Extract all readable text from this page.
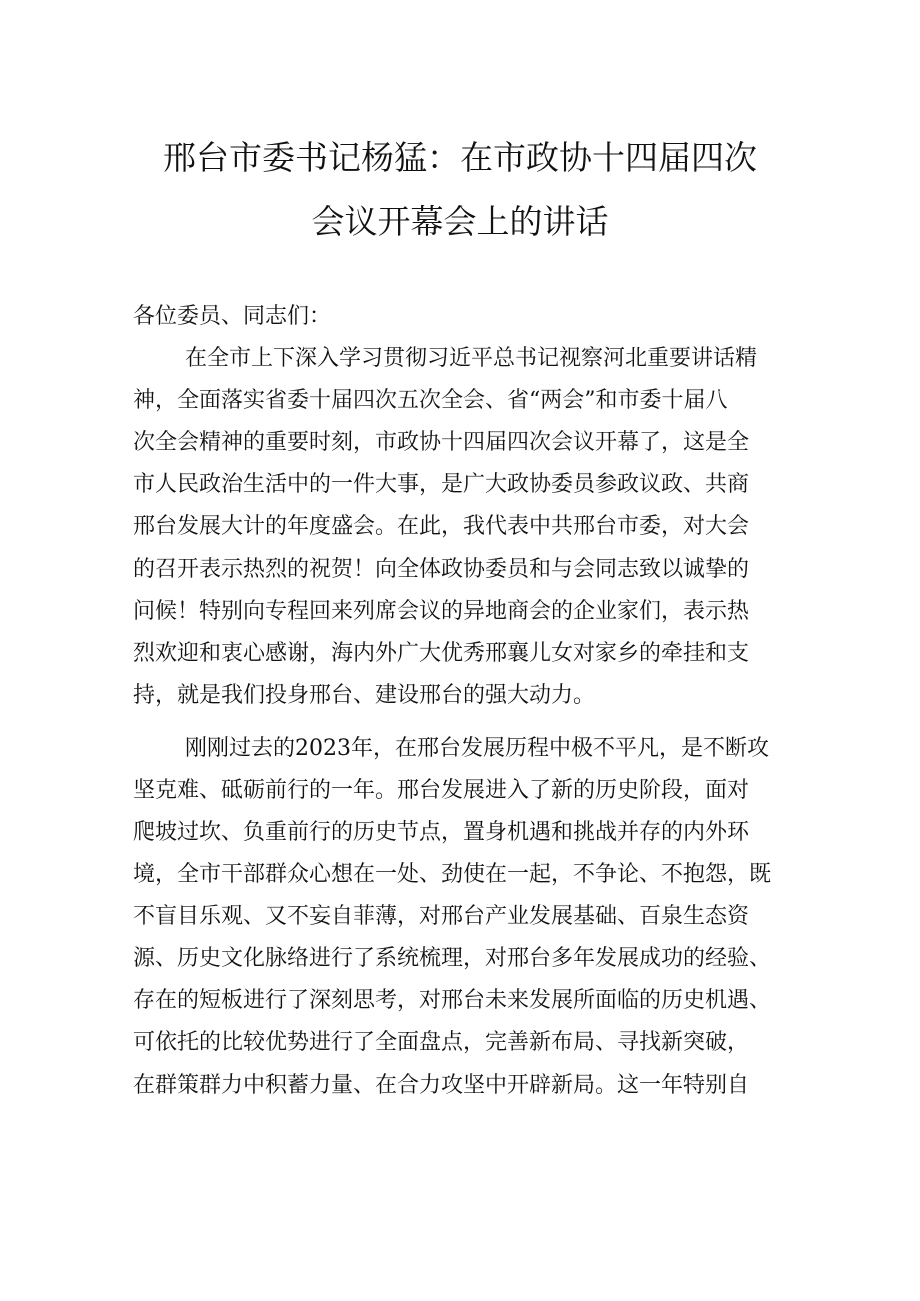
邢台市委书记杨猛：在市政协十四届四次
会议开幕会上的讲话

各位委员、同志们：

在全市上下深入学习贯彻习近平总书记视察河北重要讲话精

神，全面落实省委十届四次五次全会、省“两会”和市委十届八

次全会精神的重要时刻，市政协十四届四次会议开幕了，这是全

市人民政治生活中的一件大事，是广大政协委员参政议政、共商

邢台发展大计的年度盛会。在此，我代表中共邢台市委，对大会

的召开表示热烈的祝贺！向全体政协委员和与会同志致以诚挚的

问候！特别向专程回来列席会议的异地商会的企业家们，表示热

烈欢迎和衷心感谢，海内外广大优秀邢襄儿女对家乡的牵挂和支

持，就是我们投身邢台、建设邢台的强大动力。

刚刚过去的2023年，在邢台发展历程中极不平凡，是不断攻

坚克难、砥砺前行的一年。邢台发展进入了新的历史阶段，面对

爬坡过坎、负重前行的历史节点，置身机遇和挑战并存的内外环

境，全市干部群众心想在一处、劲使在一起，不争论、不抱怨，既

不盲目乐观、又不妄自菲薄，对邢台产业发展基础、百泉生态资

源、历史文化脉络进行了系统梳理，对邢台多年发展成功的经验、

存在的短板进行了深刻思考，对邢台未来发展所面临的历史机遇、

可依托的比较优势进行了全面盘点，完善新布局、寻找新突破，

在群策群力中积蓄力量、在合力攻坚中开辟新局。这一年特别自
